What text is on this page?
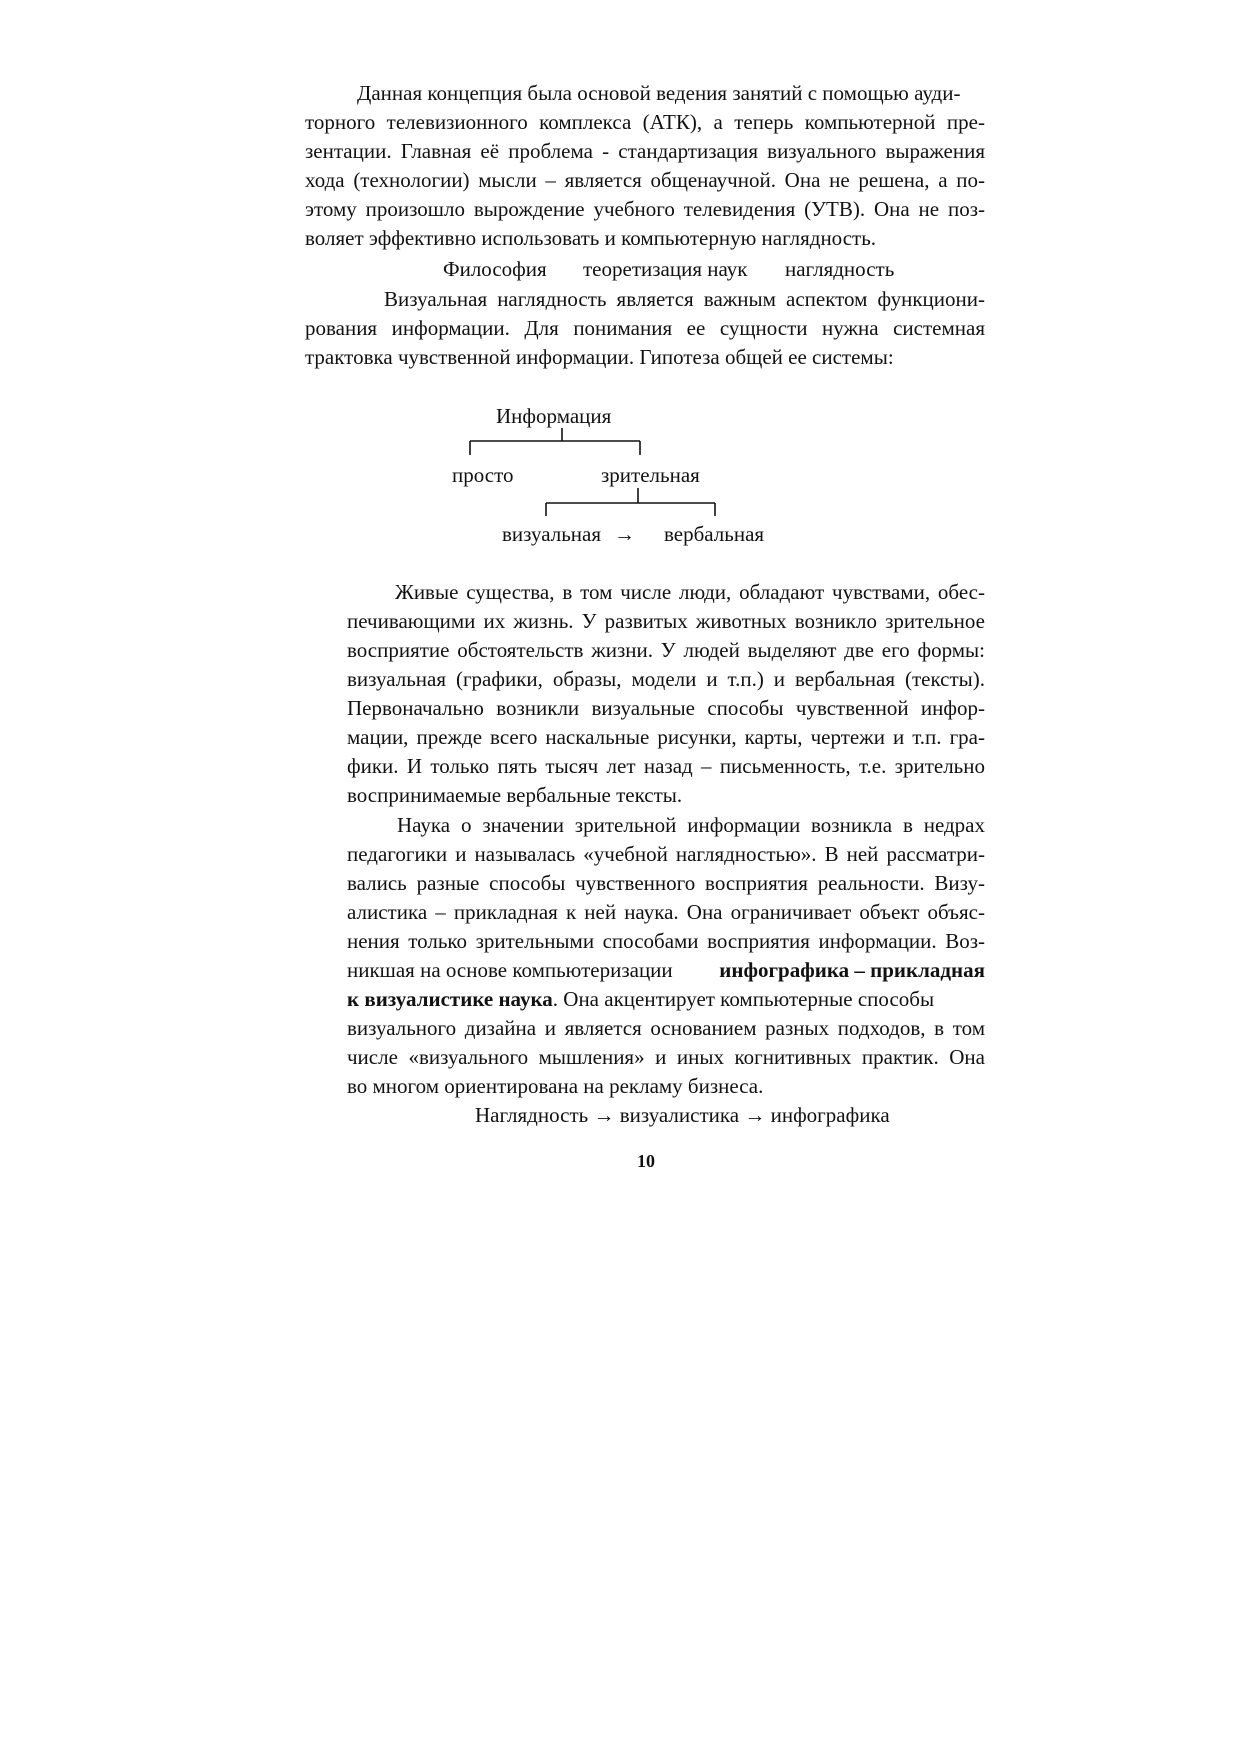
Данная концепция была основой ведения занятий с помощью ауди-
торного телевизионного комплекса (АТК), а теперь компьютерной пре-
зентации. Главная её проблема - стандартизация визуального выражения
хода (технологии) мысли – является общенаучной. Она не решена, а по-
этому произошло вырождение учебного телевидения (УТВ). Она не поз-
воляет эффективно использовать и компьютерную наглядность.
Философия теоретизация наук наглядность
Визуальная наглядность является важным аспектом функциони-
рования информации. Для понимания ее сущности нужна системная
трактовка чувственной информации. Гипотеза общей ее системы:
Информация
просто	зрительная
визуальная → вербальная
Живые существа, в том числе люди, обладают чувствами, обес-
печивающими их жизнь. У развитых животных возникло зрительное
восприятие обстоятельств жизни. У людей выделяют две его формы:
визуальная (графики, образы, модели и т.п.) и вербальная (тексты).
Первоначально возникли визуальные способы чувственной инфор-
мации, прежде всего наскальные рисунки, карты, чертежи и т.п. гра-
фики. И только пять тысяч лет назад – письменность, т.е. зрительно
воспринимаемые вербальные тексты.
Наука о значении зрительной информации возникла в недрах
педагогики и называлась «учебной наглядностью». В ней рассматри-
вались разные способы чувственного восприятия реальности. Визу-
алистика – прикладная к ней наука. Она ограничивает объект объяс-
нения только зрительными способами восприятия информации. Воз-
никшая на основе компьютеризации инфографика – прикладная
к визуалистике наука. Она акцентирует компьютерные способы
визуального дизайна и является основанием разных подходов, в том
числе «визуального мышления» и иных когнитивных практик. Она
во многом ориентирована на рекламу бизнеса.
Наглядность → визуалистика → инфографика
10
